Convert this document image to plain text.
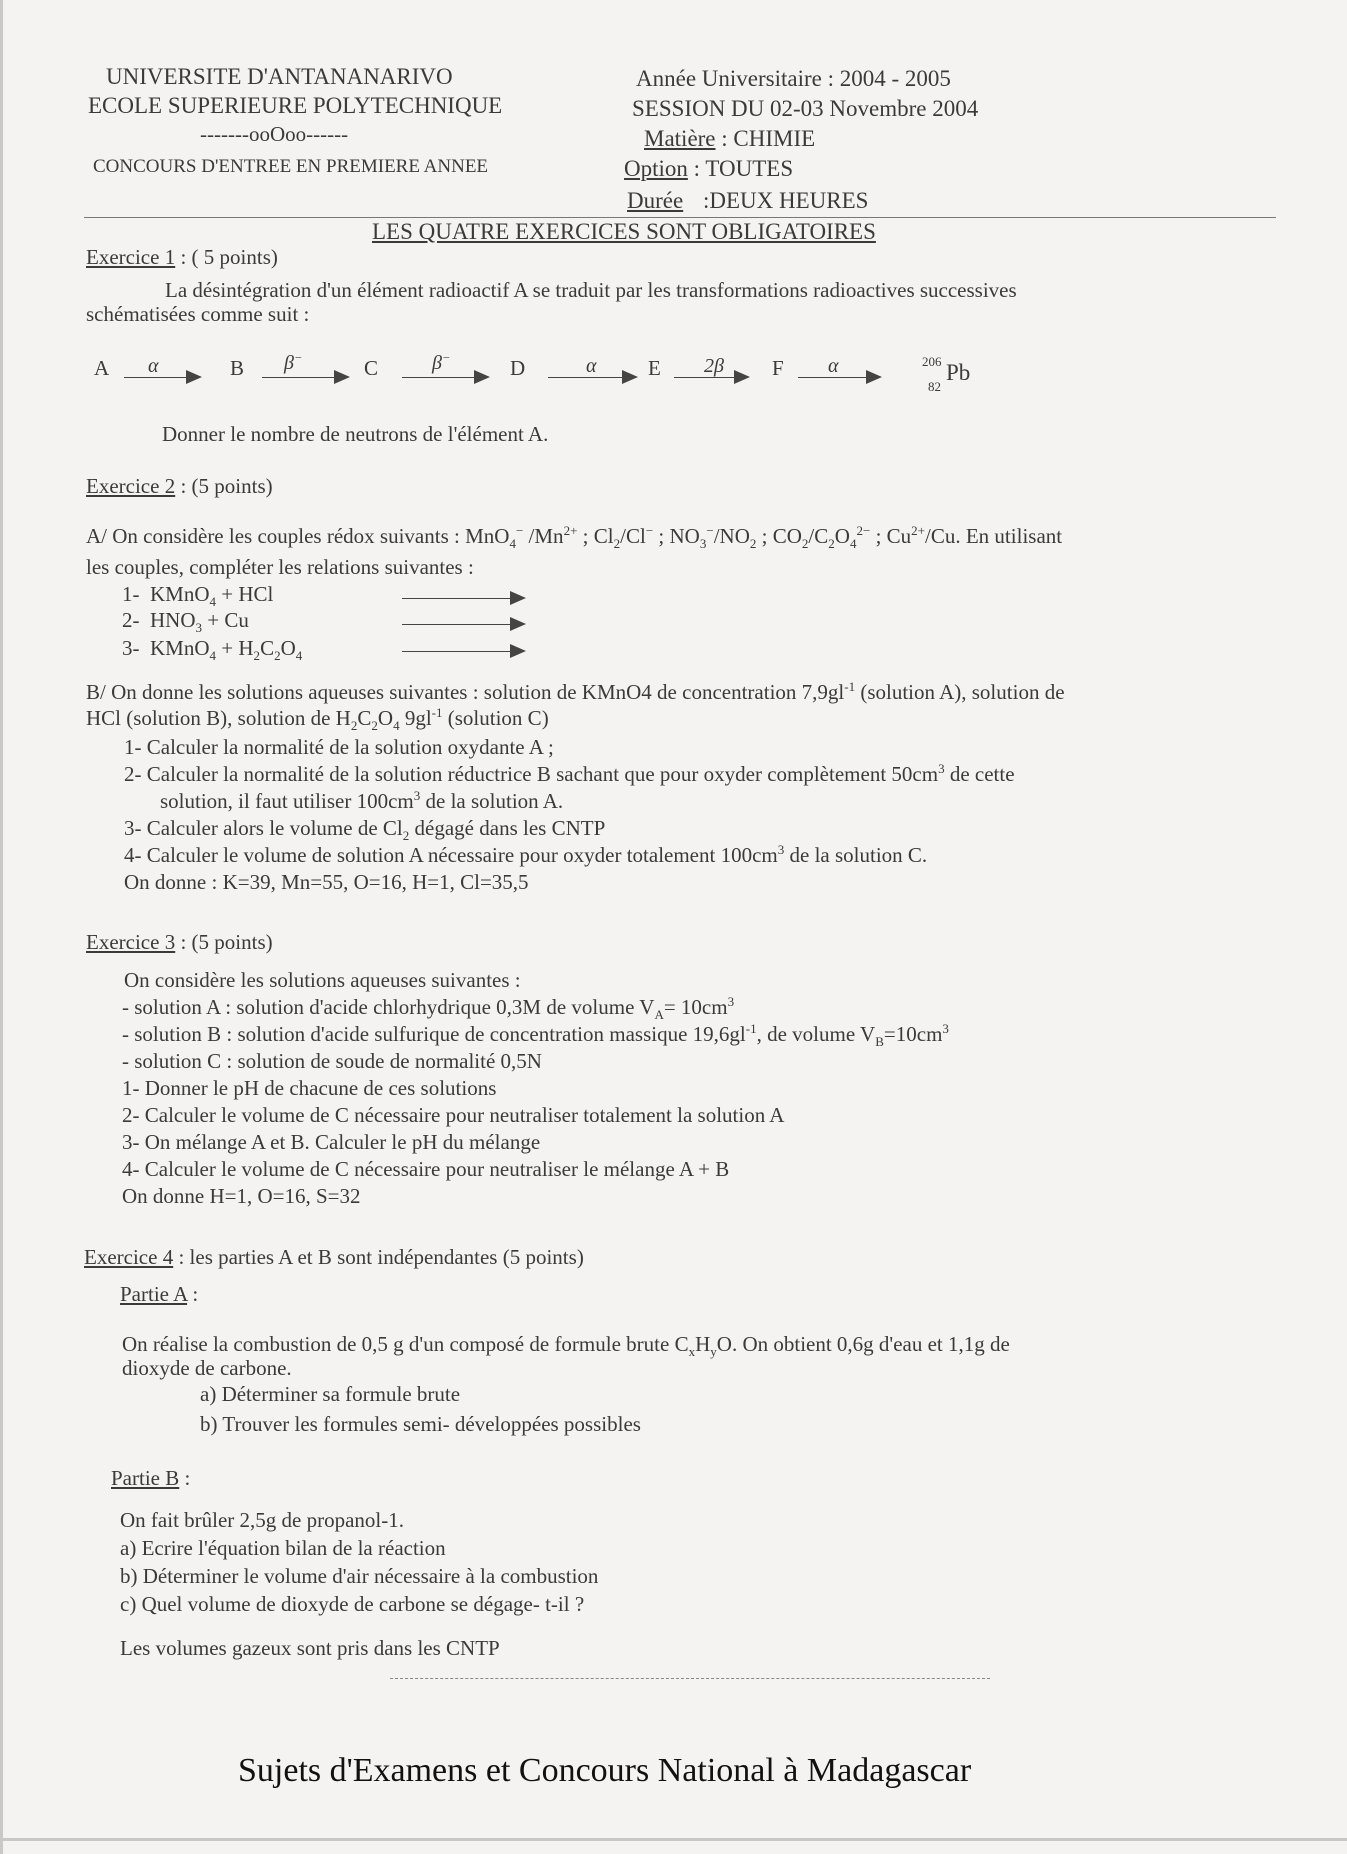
UNIVERSITE D'ANTANANARIVO
ECOLE SUPERIEURE POLYTECHNIQUE
-------ooOoo------
CONCOURS D'ENTREE EN PREMIERE ANNEE
Année Universitaire : 2004 - 2005
SESSION DU 02-03 Novembre 2004
Matière : CHIMIE
Option : TOUTES
Durée :DEUX HEURES
LES QUATRE EXERCICES SONT OBLIGATOIRES
Exercice 1 : ( 5 points)
La désintégration d'un élément radioactif A se traduit par les transformations radioactives successives
schématisées comme suit :
A α	B β−	C	β−	D	α E 2β F α	206
82
Pb
Donner le nombre de neutrons de l'élément A.
Exercice 2 : (5 points)
A/ On considère les couples rédox suivants : MnO$_4$− $/Mn^{2+}$ ; $Cl_2/Cl^-$ ; $NO_3^-/NO_2$ ; $CO_2/C_2O_4^{2-}$ ; $Cu^{2+}/Cu$. En utilisant
les couples, compléter les relations suivantes :
1- KMnO$_4$ + HCl
2- $HNO_3 + Cu$
3- KMnO$_4$ + $H_2C_2O_4$
B/ On donne les solutions aqueuses suivantes : solution de KMnO4 de concentration $7,9gl^{-1}$ (solution A), solution de
HCl (solution B), solution de $H_2C_2O_4$ $9gl^{-1}$ (solution C)
1- Calculer la normalité de la solution oxydante A ;
2- Calculer la normalité de la solution réductrice B sachant que pour oxyder complètement $50cm^3$ de cette
solution, il faut utiliser $100cm^3$ de la solution A.
3- Calculer alors le volume de $Cl_2$ dégagé dans les CNTP
4- Calculer le volume de solution A nécessaire pour oxyder totalement $100cm^3$ de la solution C.
On donne : K=39, Mn=55, O=16, H=1, Cl=35,5
Exercice 3 : (5 points)
On considère les solutions aqueuses suivantes :
- solution A : solution d'acide chlorhydrique 0,3M de volume $V_A= 10cm^3$
- solution B : solution d'acide sulfurique de concentration massique $19,6gl^{-1}$, de volume $V_B=10cm^3$
- solution C : solution de soude de normalité 0,5N
1- Donner le pH de chacune de ces solutions
2- Calculer le volume de C nécessaire pour neutraliser totalement la solution A
3- On mélange A et B. Calculer le pH du mélange
4- Calculer le volume de C nécessaire pour neutraliser le mélange A + B
On donne H=1, O=16, S=32
Exercice 4 : les parties A et B sont indépendantes (5 points)
Partie A :
On réalise la combustion de 0,5 g d'un composé de formule brute $C_xH_yO$. On obtient 0,6g d'eau et 1,1g de
dioxyde de carbone.
a) Déterminer sa formule brute
b) Trouver les formules semi- développées possibles
Partie B :
On fait brûler 2,5g de propanol-1.
a) Ecrire l'équation bilan de la réaction
b) Déterminer le volume d'air nécessaire à la combustion
c) Quel volume de dioxyde de carbone se dégage- t-il ?
Les volumes gazeux sont pris dans les CNTP
Sujets d'Examens et Concours National à Madagascar
